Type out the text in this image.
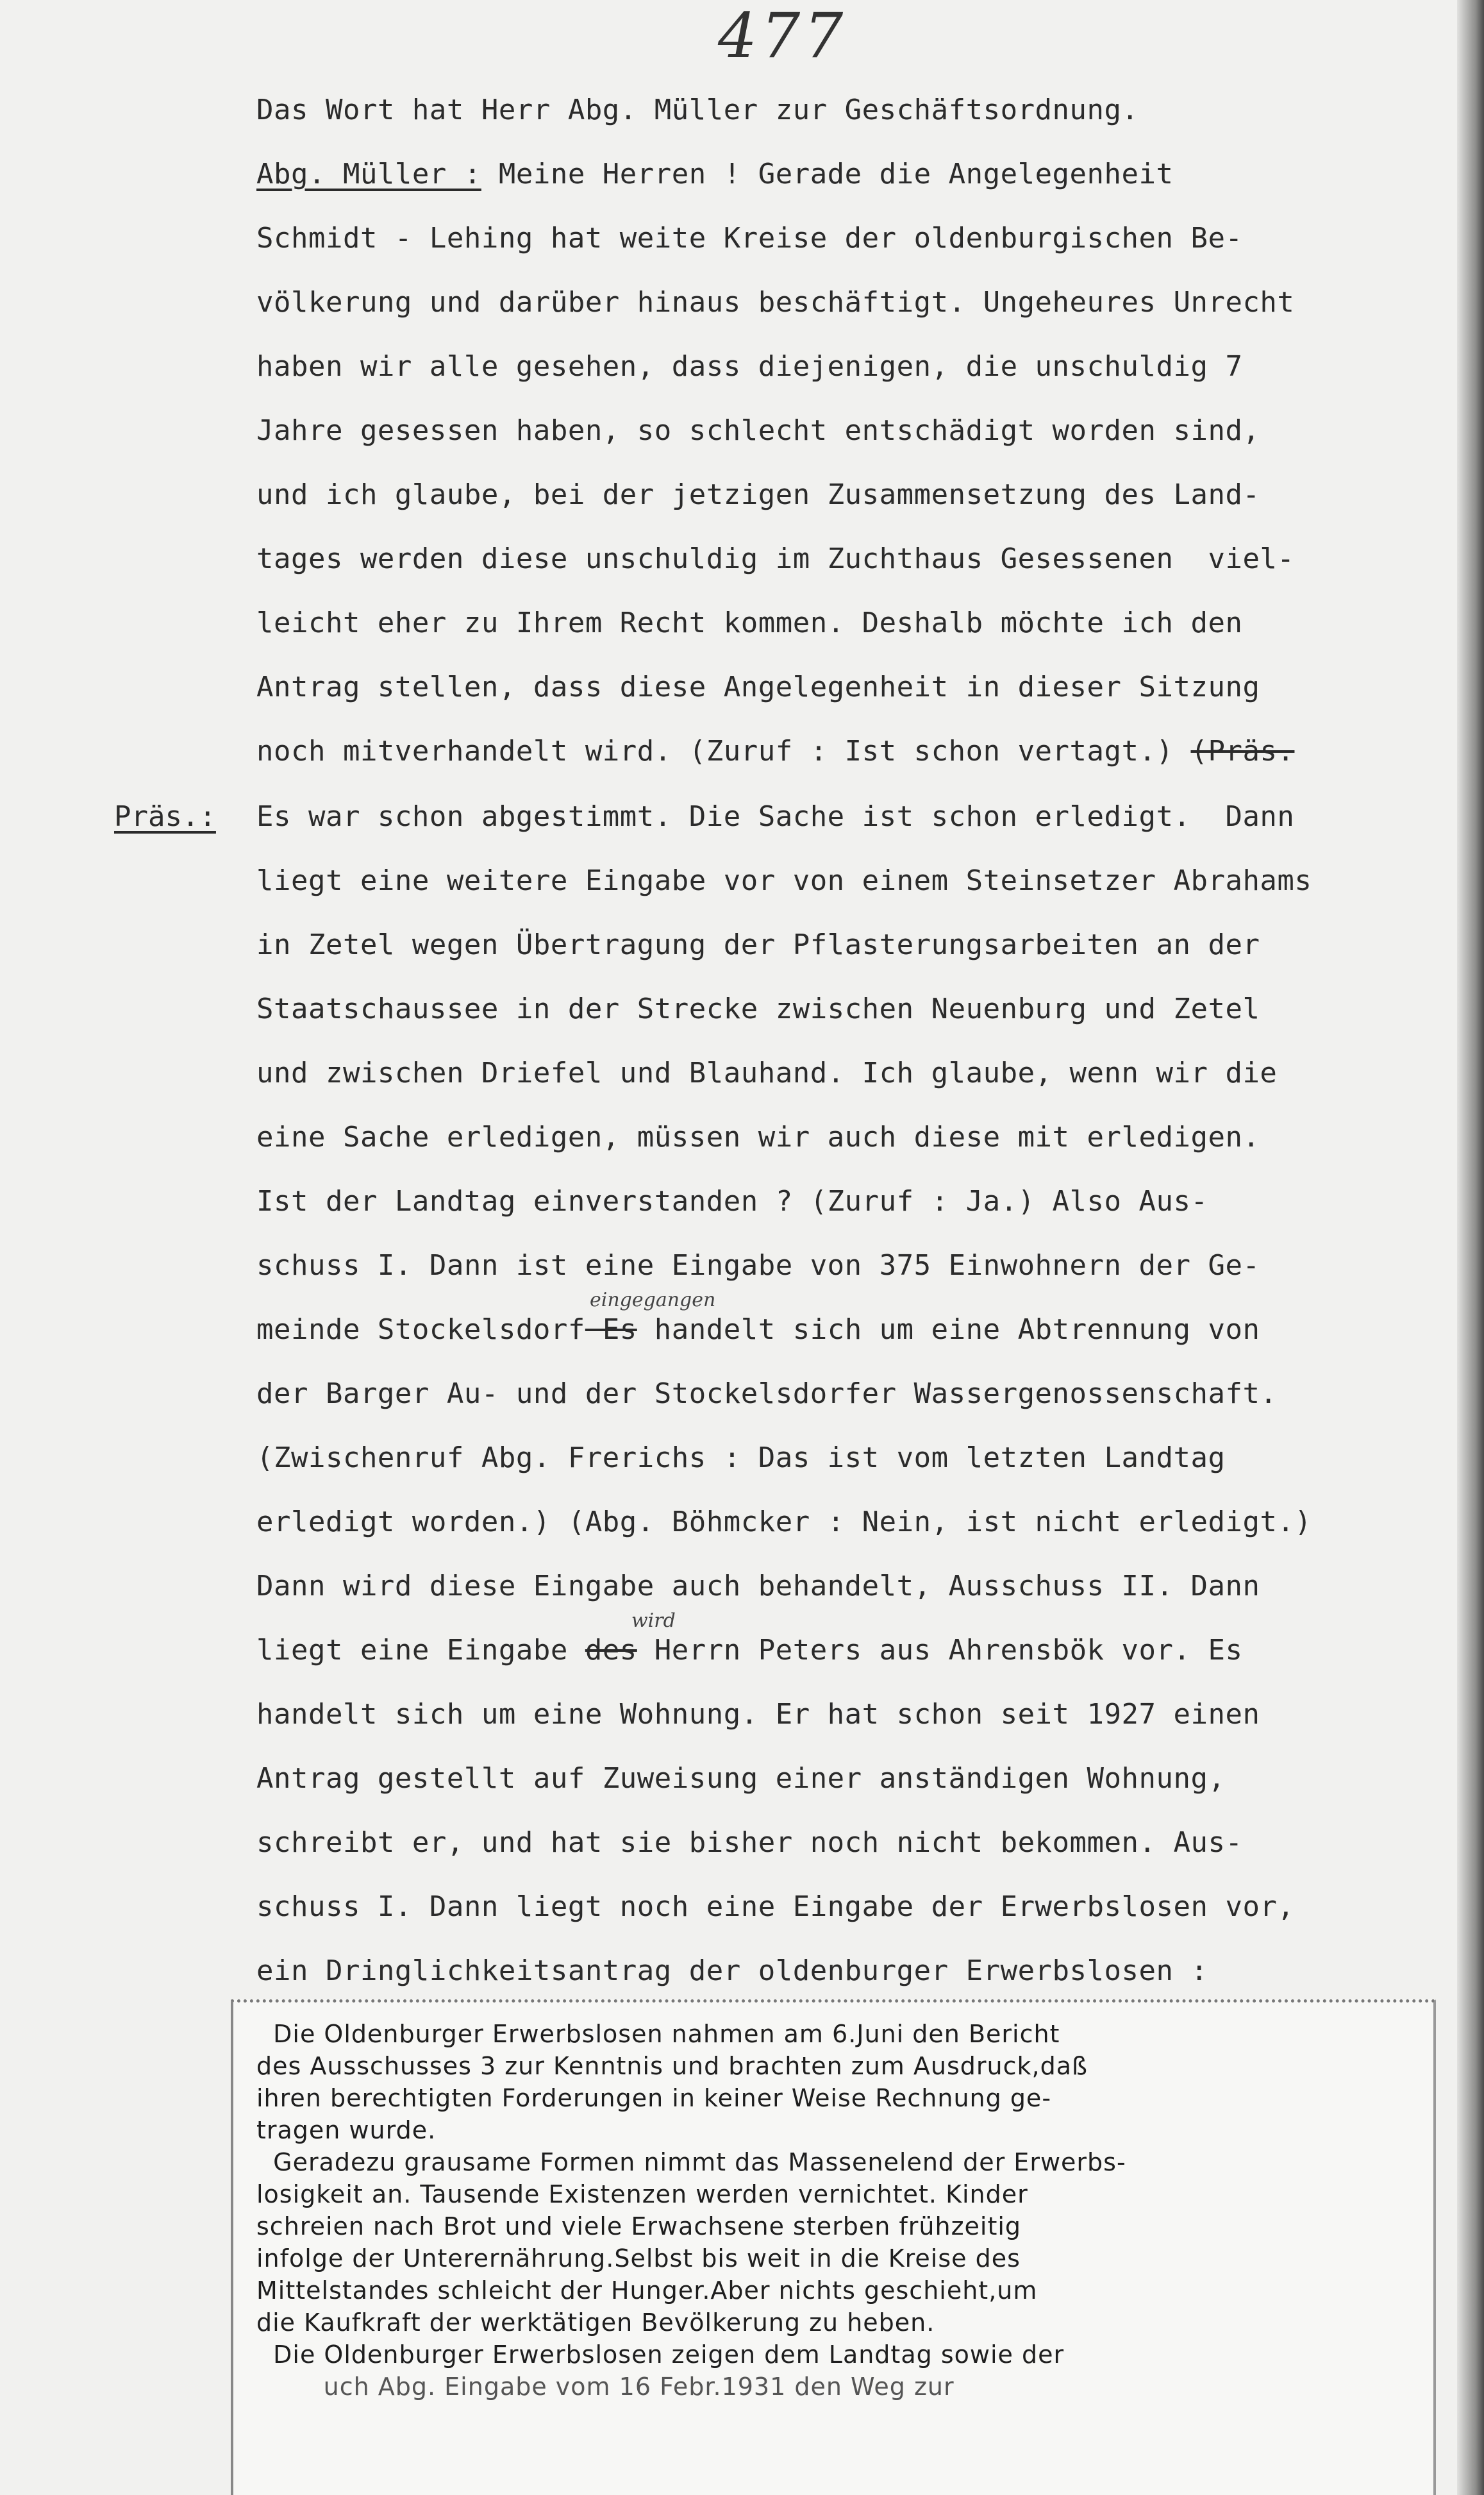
477
Das Wort hat Herr Abg. Müller zur Geschäftsordnung.
Abg. Müller : Meine Herren ! Gerade die Angelegenheit
Schmidt - Lehing hat weite Kreise der oldenburgischen Be-
völkerung und darüber hinaus beschäftigt. Ungeheures Unrecht
haben wir alle gesehen, dass diejenigen, die unschuldig 7
Jahre gesessen haben, so schlecht entschädigt worden sind,
und ich glaube, bei der jetzigen Zusammensetzung des Land-
tages werden diese unschuldig im Zuchthaus Gesessenen  viel-
leicht eher zu Ihrem Recht kommen. Deshalb möchte ich den
Antrag stellen, dass diese Angelegenheit in dieser Sitzung
noch mitverhandelt wird. (Zuruf : Ist schon vertagt.) (Präs.
Präs.: Es war schon abgestimmt. Die Sache ist schon erledigt.  Dann
liegt eine weitere Eingabe vor von einem Steinsetzer Abrahams
in Zetel wegen Übertragung der Pflasterungsarbeiten an der
Staatschaussee in der Strecke zwischen Neuenburg und Zetel
und zwischen Driefel und Blauhand. Ich glaube, wenn wir die
eine Sache erledigen, müssen wir auch diese mit erledigen.
Ist der Landtag einverstanden ? (Zuruf : Ja.) Also Aus-
schuss I. Dann ist eine Eingabe von 375 Einwohnern der Ge-
eingegangen
meinde Stockelsdorf Es handelt sich um eine Abtrennung von
der Barger Au- und der Stockelsdorfer Wassergenossenschaft.
(Zwischenruf Abg. Frerichs : Das ist vom letzten Landtag
erledigt worden.) (Abg. Böhmcker : Nein, ist nicht erledigt.)
Dann wird diese Eingabe auch behandelt, Ausschuss II. Dann
wird
liegt eine Eingabe des Herrn Peters aus Ahrensbök vor. Es
handelt sich um eine Wohnung. Er hat schon seit 1927 einen
Antrag gestellt auf Zuweisung einer anständigen Wohnung,
schreibt er, und hat sie bisher noch nicht bekommen. Aus-
schuss I. Dann liegt noch eine Eingabe der Erwerbslosen vor,
ein Dringlichkeitsantrag der oldenburger Erwerbslosen :
Die Oldenburger Erwerbslosen nahmen am 6.Juni den Bericht
des Ausschusses 3 zur Kenntnis und brachten zum Ausdruck,daß
ihren berechtigten Forderungen in keiner Weise Rechnung ge-
tragen wurde.
Geradezu grausame Formen nimmt das Massenelend der Erwerbs-
losigkeit an. Tausende Existenzen werden vernichtet. Kinder
schreien nach Brot und viele Erwachsene sterben frühzeitig
infolge der Unterernährung.Selbst bis weit in die Kreise des
Mittelstandes schleicht der Hunger.Aber nichts geschieht,um
die Kaufkraft der werktätigen Bevölkerung zu heben.
Die Oldenburger Erwerbslosen zeigen dem Landtag sowie der
uch Abg. Eingabe vom 16 Febr.1931 den Weg zur
